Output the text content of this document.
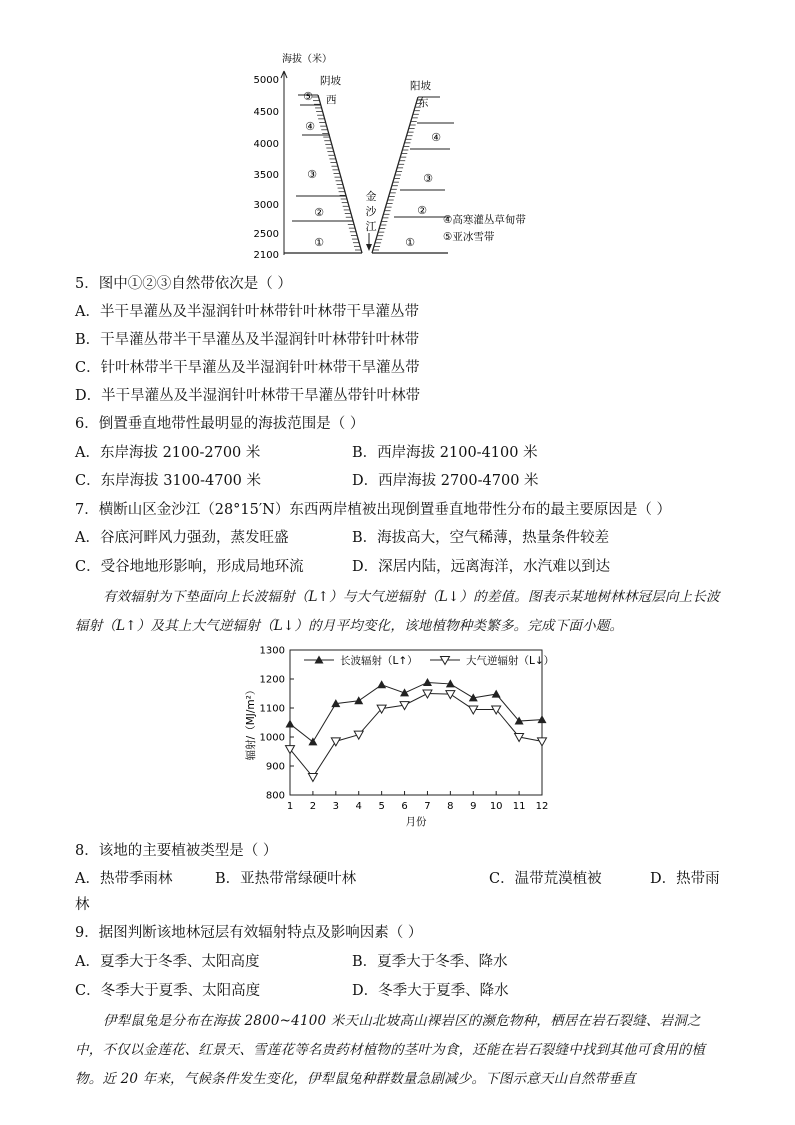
海拔（米）
5000
4500
4000
3500
3000
2500
2100
金
沙
江
阴坡
西
阳坡
东
⑤
④
③
②
①
④
③
②
①
④高寒灌丛草甸带
⑤亚冰雪带
5．图中①②③自然带依次是（ ）
A．半干旱灌丛及半湿润针叶林带针叶林带干旱灌丛带
B．干旱灌丛带半干旱灌丛及半湿润针叶林带针叶林带
C．针叶林带半干旱灌丛及半湿润针叶林带干旱灌丛带
D．半干旱灌丛及半湿润针叶林带干旱灌丛带针叶林带
6．倒置垂直地带性最明显的海拔范围是（ ）
A．东岸海拔 2100-2700 米	B．西岸海拔 2100-4100 米
C．东岸海拔 3100-4700 米	D．西岸海拔 2700-4700 米
7．横断山区金沙江（28°15′N）东西两岸植被出现倒置垂直地带性分布的最主要原因是（ ）
A．谷底河畔风力强劲，蒸发旺盛	B．海拔高大，空气稀薄，热量条件较差
C．受谷地地形影响，形成局地环流	D．深居内陆，远离海洋，水汽难以到达

有效辐射为下垫面向上长波辐射（L↑）与大气逆辐射（L↓）的差值。图表示某地树林林冠层向上长波辐射（L↑）及其上大气逆辐射（L↓）的月平均变化，该地植物种类繁多。完成下面小题。

800
900
1000
1100
1200
1300
1 2 3 4 5 6 7 8 9 10 11 12
月份
辐射/（MJ/m²）
长波辐射（L↑）	大气逆辐射（L↓）
8．该地的主要植被类型是（ ）
A．热带季雨林	B．亚热带常绿硬叶林	C．温带荒漠植被	D．热带雨
林
9．据图判断该地林冠层有效辐射特点及影响因素（ ）
A．夏季大于冬季、太阳高度	B．夏季大于冬季、降水
C．冬季大于夏季、太阳高度	D．冬季大于夏季、降水

伊犁鼠兔是分布在海拔 2800~4100 米天山北坡高山裸岩区的濒危物种，栖居在岩石裂缝、岩洞之中，不仅以金莲花、红景天、雪莲花等名贵药材植物的茎叶为食，还能在岩石裂缝中找到其他可食用的植物。近 20 年来，气候条件发生变化，伊犁鼠兔种群数量急剧减少。下图示意天山自然带垂直
